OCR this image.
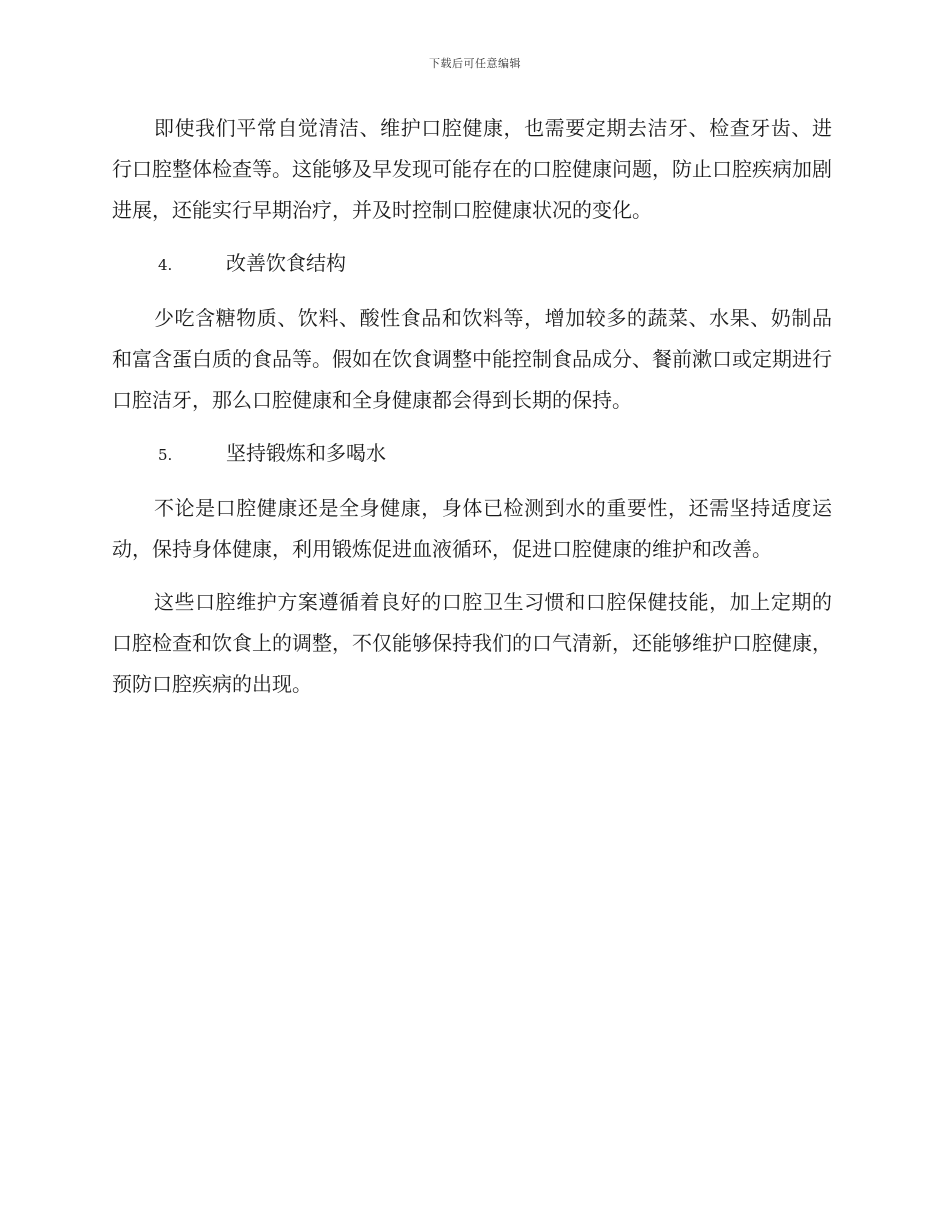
下载后可任意编辑

即使我们平常自觉清洁、维护口腔健康，也需要定期去洁牙、检查牙齿、进行口腔整体检查等。这能够及早发现可能存在的口腔健康问题，防止口腔疾病加剧进展，还能实行早期治疗，并及时控制口腔健康状况的变化。

4.	改善饮食结构

少吃含糖物质、饮料、酸性食品和饮料等，增加较多的蔬菜、水果、奶制品和富含蛋白质的食品等。假如在饮食调整中能控制食品成分、餐前漱口或定期进行口腔洁牙，那么口腔健康和全身健康都会得到长期的保持。

5.	坚持锻炼和多喝水

不论是口腔健康还是全身健康，身体已检测到水的重要性，还需坚持适度运动，保持身体健康，利用锻炼促进血液循环，促进口腔健康的维护和改善。

这些口腔维护方案遵循着良好的口腔卫生习惯和口腔保健技能，加上定期的口腔检查和饮食上的调整，不仅能够保持我们的口气清新，还能够维护口腔健康，预防口腔疾病的出现。
